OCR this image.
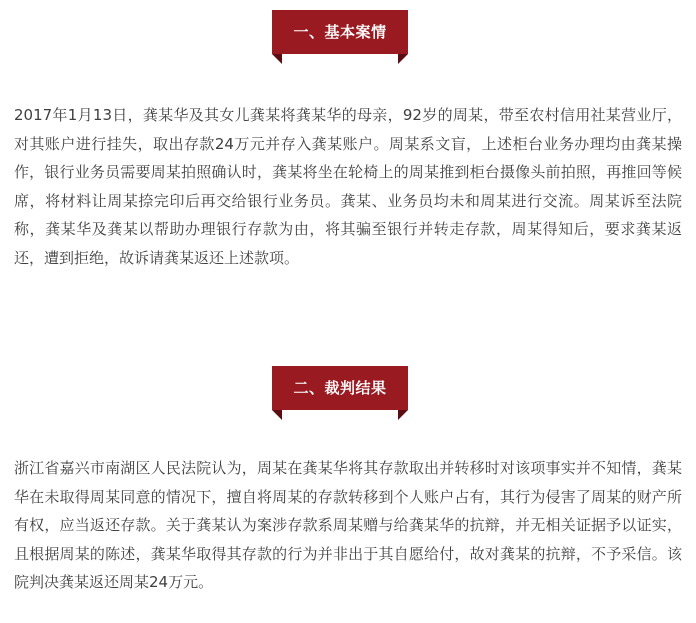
一、基本案情

2017年1月13日，龚某华及其女儿龚某将龚某华的母亲，92岁的周某，带至农村信用社某营业厅，对其账户进行挂失，取出存款24万元并存入龚某账户。周某系文盲，上述柜台业务办理均由龚某操作，银行业务员需要周某拍照确认时，龚某将坐在轮椅上的周某推到柜台摄像头前拍照，再推回等候席，将材料让周某捺完印后再交给银行业务员。龚某、业务员均未和周某进行交流。周某诉至法院称，龚某华及龚某以帮助办理银行存款为由，将其骗至银行并转走存款，周某得知后，要求龚某返还，遭到拒绝，故诉请龚某返还上述款项。

二、裁判结果

浙江省嘉兴市南湖区人民法院认为，周某在龚某华将其存款取出并转移时对该项事实并不知情，龚某华在未取得周某同意的情况下，擅自将周某的存款转移到个人账户占有，其行为侵害了周某的财产所有权，应当返还存款。关于龚某认为案涉存款系周某赠与给龚某华的抗辩，并无相关证据予以证实，且根据周某的陈述，龚某华取得其存款的行为并非出于其自愿给付，故对龚某的抗辩，不予采信。该院判决龚某返还周某24万元。
